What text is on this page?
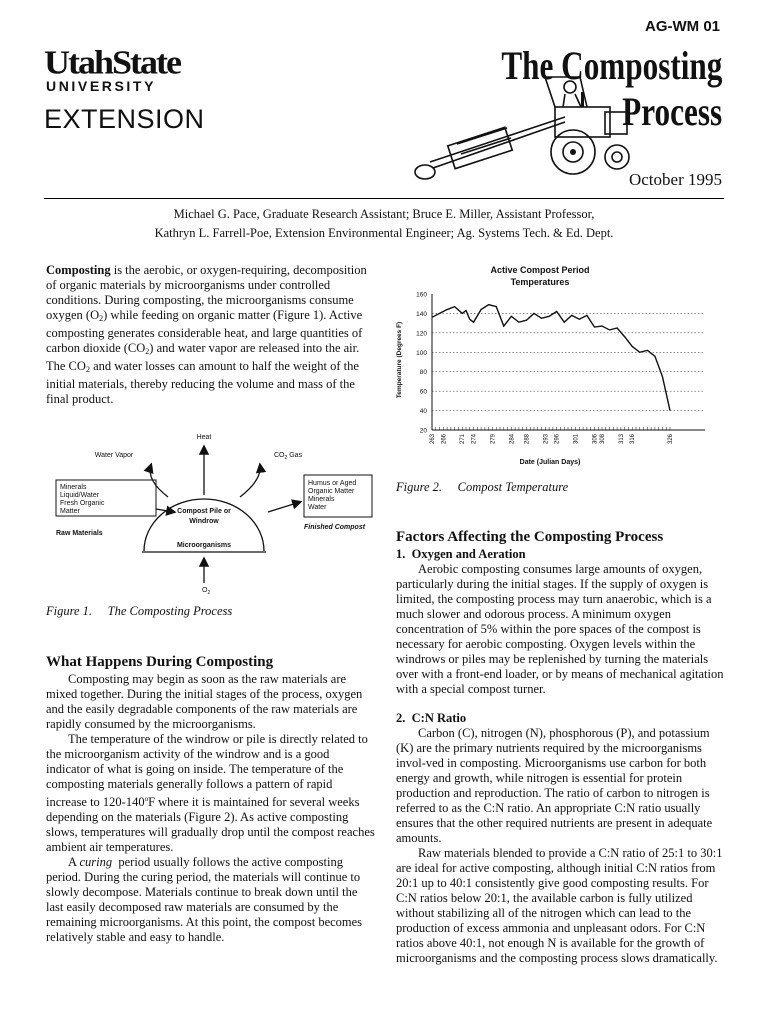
AG-WM 01
UtahState
UNIVERSITY
EXTENSION
The Composting
Process
October 1995
Michael G. Pace, Graduate Research Assistant; Bruce E. Miller, Assistant Professor,
Kathryn L. Farrell-Poe, Extension Environmental Engineer; Ag. Systems Tech. & Ed. Dept.
Composting is the aerobic, or oxygen-requiring, decomposition of organic materials by microorganisms under controlled conditions. During composting, the microorganisms consume oxygen $(O_2)$ while feeding on organic matter (Figure 1). Active composting generates considerable heat, and large quantities of carbon dioxide $(CO_2)$ and water vapor are released into the air. The $CO_2$ and water losses can amount to half the weight of the initial materials, thereby reducing the volume and mass of the final product.
Heat
Water Vapor	$CO_2$ Gas
Minerals
Liquid/Water
Fresh Organic
Matter
Raw Materials
Humus or Aged
Organic Matter
Minerals
Water
Finished Compost
Compost Pile or
Windrow
Microorganisms
$O_2$
Figure 1.     The Composting Process
Active Compost Period
Temperatures
Date (Julian Days)
Temperature (Degrees F)
20
40
60
80
100
120
140
160
263 266 271 274 279 284 288 293 296 301 306 308 313 316	326
Figure 2.     Compost Temperature
What Happens During Composting

Composting may begin as soon as the raw materials are mixed together. During the initial stages of the process, oxygen and the easily degradable components of the raw materials are rapidly consumed by the microorganisms.

The temperature of the windrow or pile is directly related to the microorganism activity of the windrow and is a good indicator of what is going on inside. The temperature of the composting materials generally follows a pattern of rapid increase to 120-140$^o$F where it is maintained for several weeks depending on the materials (Figure 2). As active composting slows, temperatures will gradually drop until the compost reaches ambient air temperatures.

A curing  period usually follows the active composting period. During the curing period, the materials will continue to slowly decompose. Materials continue to break down until the last easily decomposed raw materials are consumed by the remaining microorganisms. At this point, the compost becomes relatively stable and easy to handle.

Factors Affecting the Composting Process

1.  Oxygen and Aeration

Aerobic composting consumes large amounts of oxygen, particularly during the initial stages. If the supply of oxygen is limited, the composting process may turn anaerobic, which is a much slower and odorous process. A minimum oxygen concentration of 5% within the pore spaces of the compost is necessary for aerobic composting. Oxygen levels within the windrows or piles may be replenished by turning the materials over with a front-end loader, or by means of mechanical agitation with a special compost turner.

2.  C:N Ratio

Carbon (C), nitrogen (N), phosphorous (P), and potassium (K) are the primary nutrients required by the microorganisms invol-ved in composting. Microorganisms use carbon for both energy and growth, while nitrogen is essential for protein production and reproduction. The ratio of carbon to nitrogen is referred to as the C:N ratio. An appropriate C:N ratio usually ensures that the other required nutrients are present in adequate amounts.

Raw materials blended to provide a C:N ratio of 25:1 to 30:1 are ideal for active composting, although initial C:N ratios from 20:1 up to 40:1 consistently give good composting results. For C:N ratios below 20:1, the available carbon is fully utilized without stabilizing all of the nitrogen which can lead to the production of excess ammonia and unpleasant odors. For C:N ratios above 40:1, not enough N is available for the growth of microorganisms and the composting process slows dramatically.
